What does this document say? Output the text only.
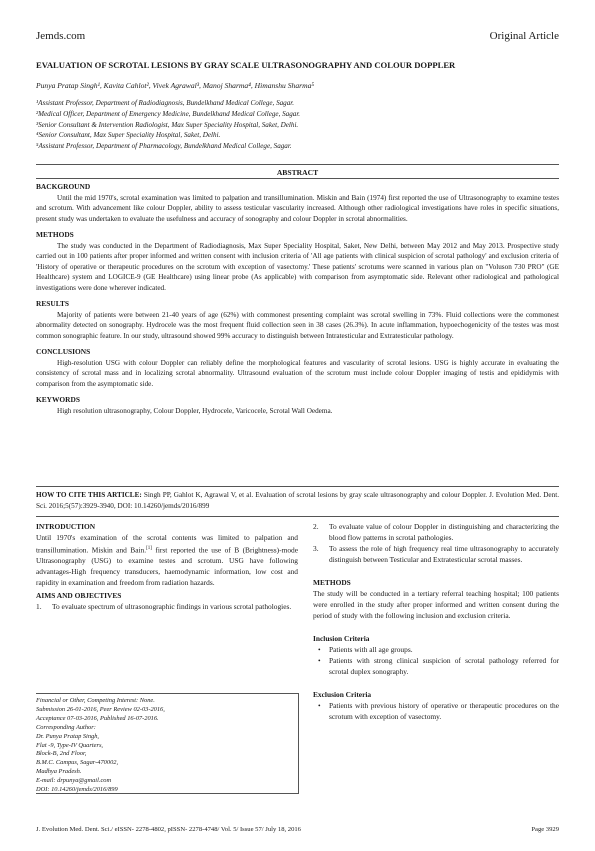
Jemds.com	Original Article
EVALUATION OF SCROTAL LESIONS BY GRAY SCALE ULTRASONOGRAPHY AND COLOUR DOPPLER
Punya Pratap Singh¹, Kavita Cahlot², Vivek Agrawal³, Manoj Sharma⁴, Himanshu Sharma⁵
¹Assistant Professor, Department of Radiodiagnosis, Bundelkhand Medical College, Sagar.
²Medical Officer, Department of Emergency Medicine, Bundelkhand Medical College, Sagar.
³Senior Consultant & Intervention Radiologist, Max Super Speciality Hospital, Saket, Delhi.
⁴Senior Consultant, Max Super Speciality Hospital, Saket, Delhi.
⁵Assistant Professor, Department of Pharmacology, Bundelkhand Medical College, Sagar.
ABSTRACT
BACKGROUND

Until the mid 1970's, scrotal examination was limited to palpation and transillumination. Miskin and Bain (1974) first reported the use of Ultrasonography to examine testes and scrotum. With advancement like colour Doppler, ability to assess testicular vascularity increased. Although other radiological investigations have roles in specific situations, present study was undertaken to evaluate the usefulness and accuracy of sonography and colour Doppler in scrotal abnormalities.

METHODS

The study was conducted in the Department of Radiodiagnosis, Max Super Speciality Hospital, Saket, New Delhi, between May 2012 and May 2013. Prospective study carried out in 100 patients after proper informed and written consent with inclusion criteria of 'All age patients with clinical suspicion of scrotal pathology' and exclusion criteria of 'History of operative or therapeutic procedures on the scrotum with exception of vasectomy.' These patients' scrotums were scanned in various plan on "Voluson 730 PRO" (GE Healthcare) system and LOGICE-9 (GE Healthcare) using linear probe (As applicable) with comparison from asymptomatic side. Relevant other radiological and pathological investigations were done wherever indicated.

RESULTS

Majority of patients were between 21-40 years of age (62%) with commonest presenting complaint was scrotal swelling in 73%. Fluid collections were the commonest abnormality detected on sonography. Hydrocele was the most frequent fluid collection seen in 38 cases (26.3%). In acute inflammation, hypoechogenicity of the testes was most common sonographic feature. In our study, ultrasound showed 99% accuracy to distinguish between Intratesticular and Extratesticular pathology.

CONCLUSIONS

High-resolution USG with colour Doppler can reliably define the morphological features and vascularity of scrotal lesions. USG is highly accurate in evaluating the consistency of scrotal mass and in localizing scrotal abnormality. Ultrasound evaluation of the scrotum must include colour Doppler imaging of testis and epididymis with comparison from the asymptomatic side.

KEYWORDS

High resolution ultrasonography, Colour Doppler, Hydrocele, Varicocele, Scrotal Wall Oedema.

HOW TO CITE THIS ARTICLE: Singh PP, Gahlot K, Agrawal V, et al. Evaluation of scrotal lesions by gray scale ultrasonography and colour Doppler. J. Evolution Med. Dent. Sci. 2016;5(57):3929-3940, DOI: 10.14260/jemds/2016/899
INTRODUCTION

Until 1970's examination of the scrotal contents was limited to palpation and transillumination. Miskin and Bain.[1] first reported the use of B (Brightness)-mode Ultrasonography (USG) to examine testes and scrotum. USG have following advantages-High frequency transducers, haemodynamic information, low cost and rapidity in examination and freedom from radiation hazards.

AIMS AND OBJECTIVES
1. To evaluate spectrum of ultrasonographic findings in various scrotal pathologies.
Financial or Other, Competing Interest: None.
Submission 26-01-2016, Peer Review 02-03-2016,
Acceptance 07-03-2016, Published 16-07-2016.
Corresponding Author:
Dr. Punya Pratap Singh,
Flat -9, Type-IV Quarters,
Block-B, 2nd Floor,
B.M.C. Campus, Sagar-470002,
Madhya Pradesh.
E-mail: drpunya@gmail.com
DOI: 10.14260/jemds/2016/899
2. To evaluate value of colour Doppler in distinguishing and characterizing the blood flow patterns in scrotal pathologies.
3. To assess the role of high frequency real time ultrasonography to accurately distinguish between Testicular and Extratesticular scrotal masses.
METHODS

The study will be conducted in a tertiary referral teaching hospital; 100 patients were enrolled in the study after proper informed and written consent during the period of study with the following inclusion and exclusion criteria.

Inclusion Criteria
• Patients with all age groups.
• Patients with strong clinical suspicion of scrotal pathology referred for scrotal duplex sonography.
Exclusion Criteria
• Patients with previous history of operative or therapeutic procedures on the scrotum with exception of vasectomy.
J. Evolution Med. Dent. Sci./ eISSN- 2278-4802, pISSN- 2278-4748/ Vol. 5/ Issue 57/ July 18, 2016	Page 3929
